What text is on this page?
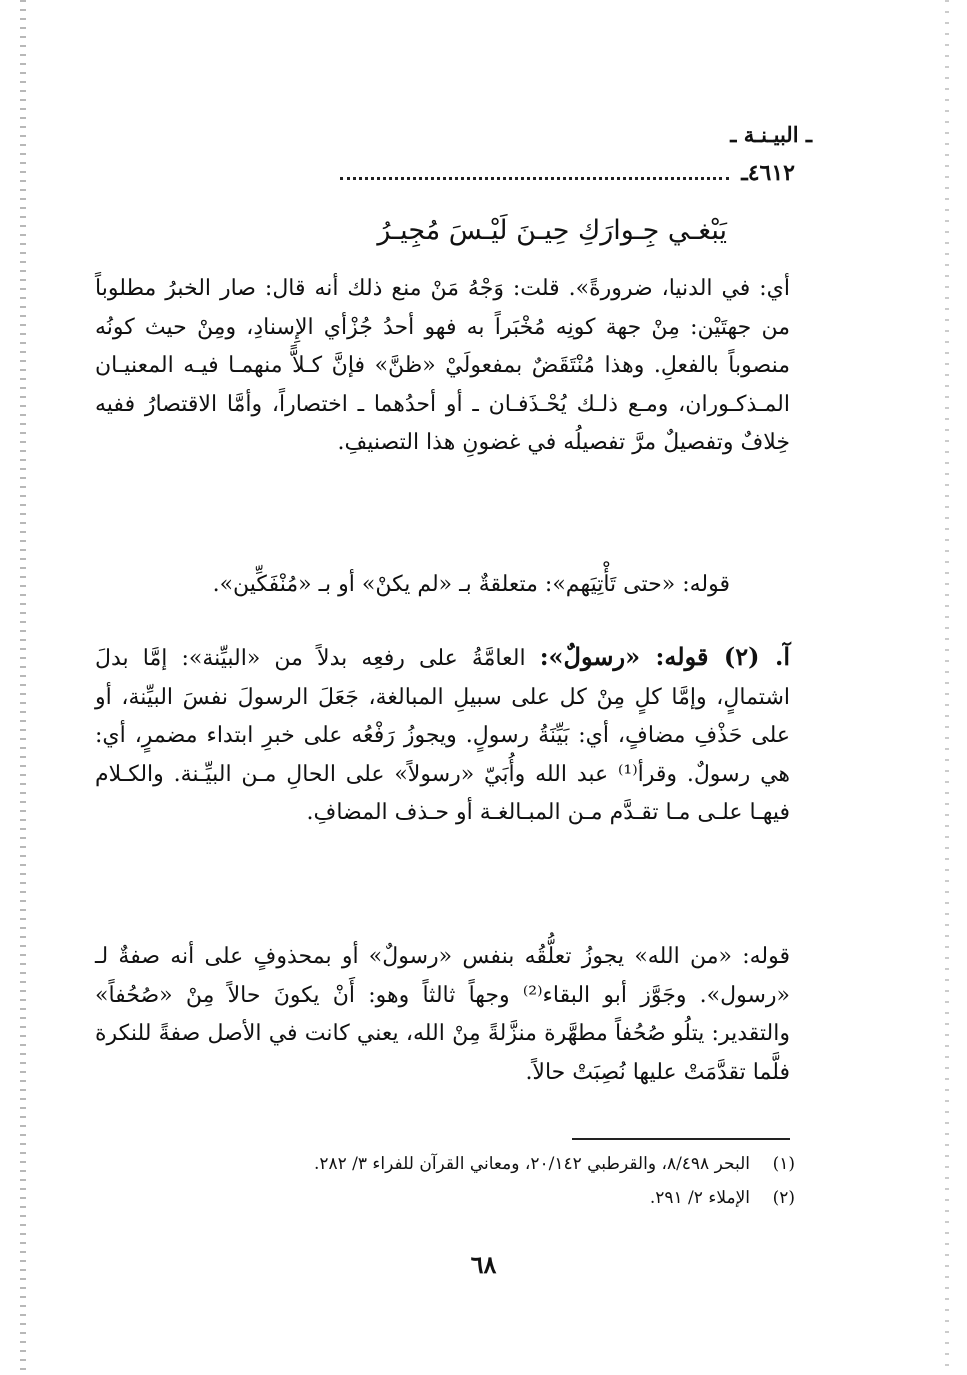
ـ البيـنـة ـ
٤٦١٢ـ
يَبْغـي جِـوارَكِ حِيـنَ لَيْـسَ مُجِيـرُ
أي: في الدنيا، ضرورةً». قلت: وَجْهُ مَنْ منع ذلك أنه قال: صار الخبرُ مطلوباً من جهتَيْن: مِنْ جهة كونِه مُخْبَراً به فهو أحدُ جُزْأي الإِسنادِ، ومِنْ حيث كونُه منصوباً بالفعلِ. وهذا مُنْتَقَضٌ بمفعولَيْ «ظنَّ» فإنَّ كـلاًّ منهمـا فيـه المعنيـان المـذكـوران، ومـع ذلـك يُحْـذَفـان ـ أو أحدُهما ـ اختصاراً، وأمَّا الاقتصارُ ففيه خِلافٌ وتفصيلٌ مرَّ تفصيلُه في غضونِ هذا التصنيفِ.
قوله: «حتى تَأْتِيَهم»: متعلقةٌ بـ «لم يكنْ» أو بـ «مُنْفَكِّين».
آ. (٢) قوله: «رسولٌ»: العامَّةُ على رفعِه بدلاً من «البيِّنة»: إمَّا بدلَ اشتمالٍ، وإمَّا كلٍ مِنْ كل على سبيلِ المبالغة، جَعَلَ الرسولَ نفسَ البيِّنة، أو على حَذْفِ مضافٍ، أي: بَيِّنَةُ رسولٍ. ويجوزُ رَفْعُه على خبرِ ابتداء مضمرٍ، أي: هي رسولٌ. وقرأ⁽¹⁾ عبد الله وأُبَيّ «رسولاً» على الحالِ مـن البيِّـنة. والكـلام فيهـا علـى مـا تقـدَّم مـن المبـالغـة أو حـذف المضافِ.
قوله: «من الله» يجوزُ تعلُّقُه بنفس «رسولٌ» أو بمحذوفٍ على أنه صفةٌ لـ «رسول». وجَوَّز أبو البقاء⁽²⁾ وجهاً ثالثاً وهو: أَنْ يكونَ حالاً مِنْ «صُحُفاً» والتقدير: يتلُو صُحُفاً مطهَّرة منزَّلةً مِنْ الله، يعني كانت في الأصل صفةً للنكرة فلَّما تقدَّمَتْ عليها نُصِبَتْ حالاً.
(١)البحر ٨/٤٩٨، والقرطبي ٢٠/١٤٢، ومعاني القرآن للفراء ٣/ ٢٨٢.
(٢)الإملاء ٢/ ٢٩١.
٦٨
